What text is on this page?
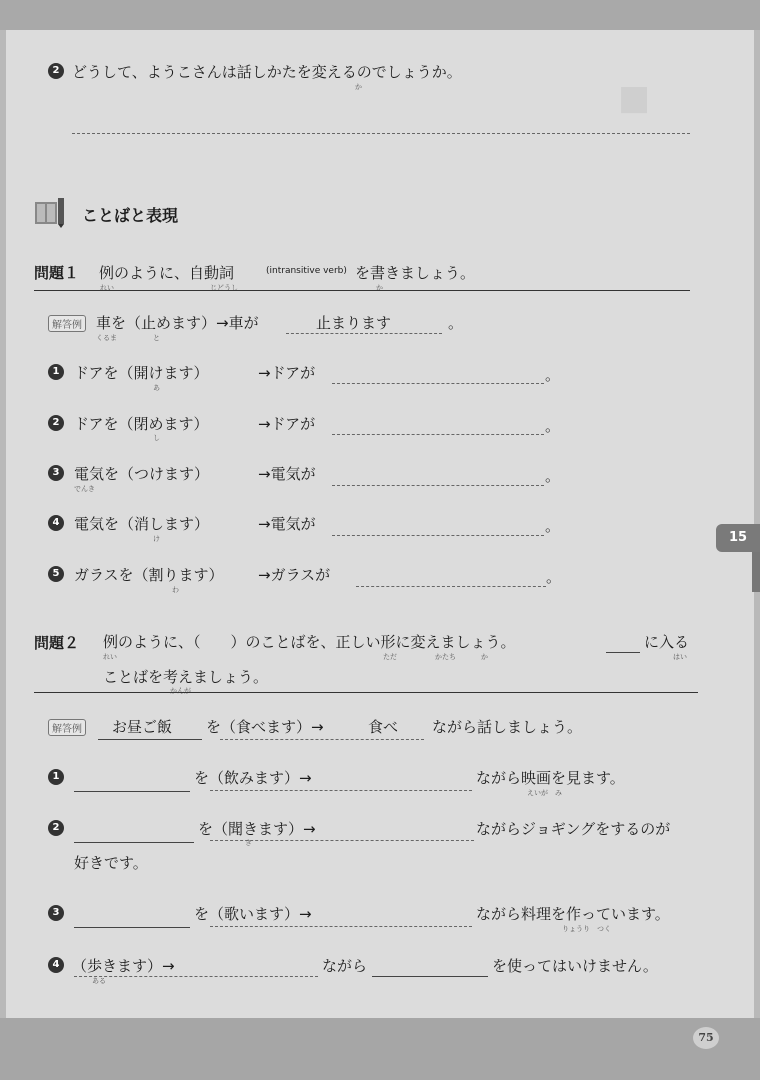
■
2 どうして、ようこさんは話しかたを変えるのでしょうか。
か
ことばと表現
問題１ 例のように、自動詞	(intransitive verb) を書きましょう。
れい	じどうし	か
解答例 車を（止めます）→車が
くるま	と
止まります	。
1 ドアを（開けます）
あ
→ドアが	。
2 ドアを（閉めます）
し
→ドアが	。
3 電気を（つけます）
でんき
→電気が	。
4 電気を（消します）
け
→電気が	。
5 ガラスを（割ります）
わ
→ガラスが	。
15
問題２ 例のように、（　　）のことばを、正しい形に変えましょう。	に入る
れい	ただ	かたち	か	はい
ことばを考えましょう。
かんが
解答例 お昼ご飯 を（食べます）→	食べ ながら話しましょう。
1	を（飲みます）→	ながら映画を見ます。
えいが　み
2	を（聞きます）→
き
ながらジョギングをするのが
好きです。
3	を（歌います）→	ながら料理を作っています。
りょうり　つく
4 （歩きます）→
ある
ながら	を使ってはいけません。
75
